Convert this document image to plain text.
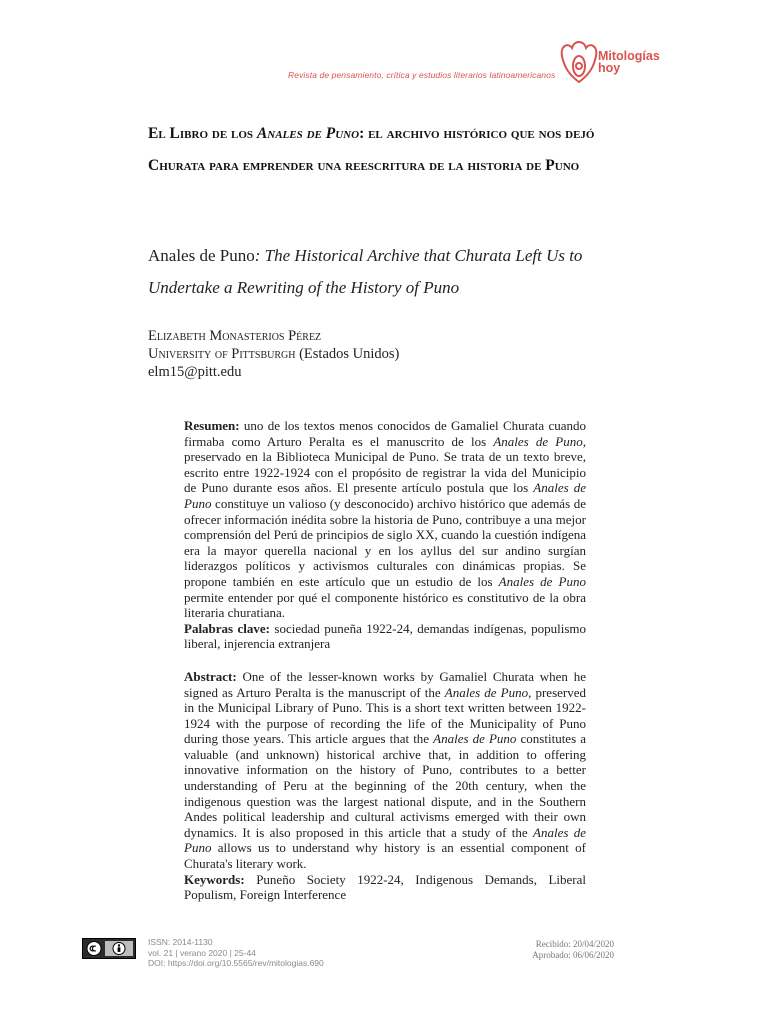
Revista de pensamiento, crítica y estudios literarios latinoamericanos
Mitologías
hoy
El Libro de los Anales de Puno: el archivo histórico que nos dejó Churata para emprender una reescritura de la historia de Puno
Anales de Puno: The Historical Archive that Churata Left Us to Undertake a Rewriting of the History of Puno
Elizabeth Monasterios Pérez
University of Pittsburgh (Estados Unidos)
elm15@pitt.edu

Resumen: uno de los textos menos conocidos de Gamaliel Churata cuando firmaba como Arturo Peralta es el manuscrito de los Anales de Puno, preservado en la Biblioteca Municipal de Puno. Se trata de un texto breve, escrito entre 1922-1924 con el propósito de registrar la vida del Municipio de Puno durante esos años. El presente artículo postula que los Anales de Puno constituye un valioso (y desconocido) archivo histórico que además de ofrecer información inédita sobre la historia de Puno, contribuye a una mejor comprensión del Perú de principios de siglo XX, cuando la cuestión indígena era la mayor querella nacional y en los ayllus del sur andino surgían liderazgos políticos y activismos culturales con dinámicas propias. Se propone también en este artículo que un estudio de los Anales de Puno permite entender por qué el componente histórico es constitutivo de la obra literaria churatiana.

Palabras clave: sociedad puneña 1922-24, demandas indígenas, populismo liberal, injerencia extranjera

Abstract: One of the lesser-known works by Gamaliel Churata when he signed as Arturo Peralta is the manuscript of the Anales de Puno, preserved in the Municipal Library of Puno. This is a short text written between 1922-1924 with the purpose of recording the life of the Municipality of Puno during those years. This article argues that the Anales de Puno constitutes a valuable (and unknown) historical archive that, in addition to offering innovative information on the history of Puno, contributes to a better understanding of Peru at the beginning of the 20th century, when the indigenous question was the largest national dispute, and in the Southern Andes political leadership and cultural activisms emerged with their own dynamics. It is also proposed in this article that a study of the Anales de Puno allows us to understand why history is an essential component of Churata's literary work.

Keywords: Puneño Society 1922-24, Indigenous Demands, Liberal Populism, Foreign Interference

ISSN: 2014-1130
vol. 21 | verano 2020 | 25-44
DOI: https://doi.org/10.5565/rev/mitologias.690
Recibido: 20/04/2020
Aprobado: 06/06/2020
